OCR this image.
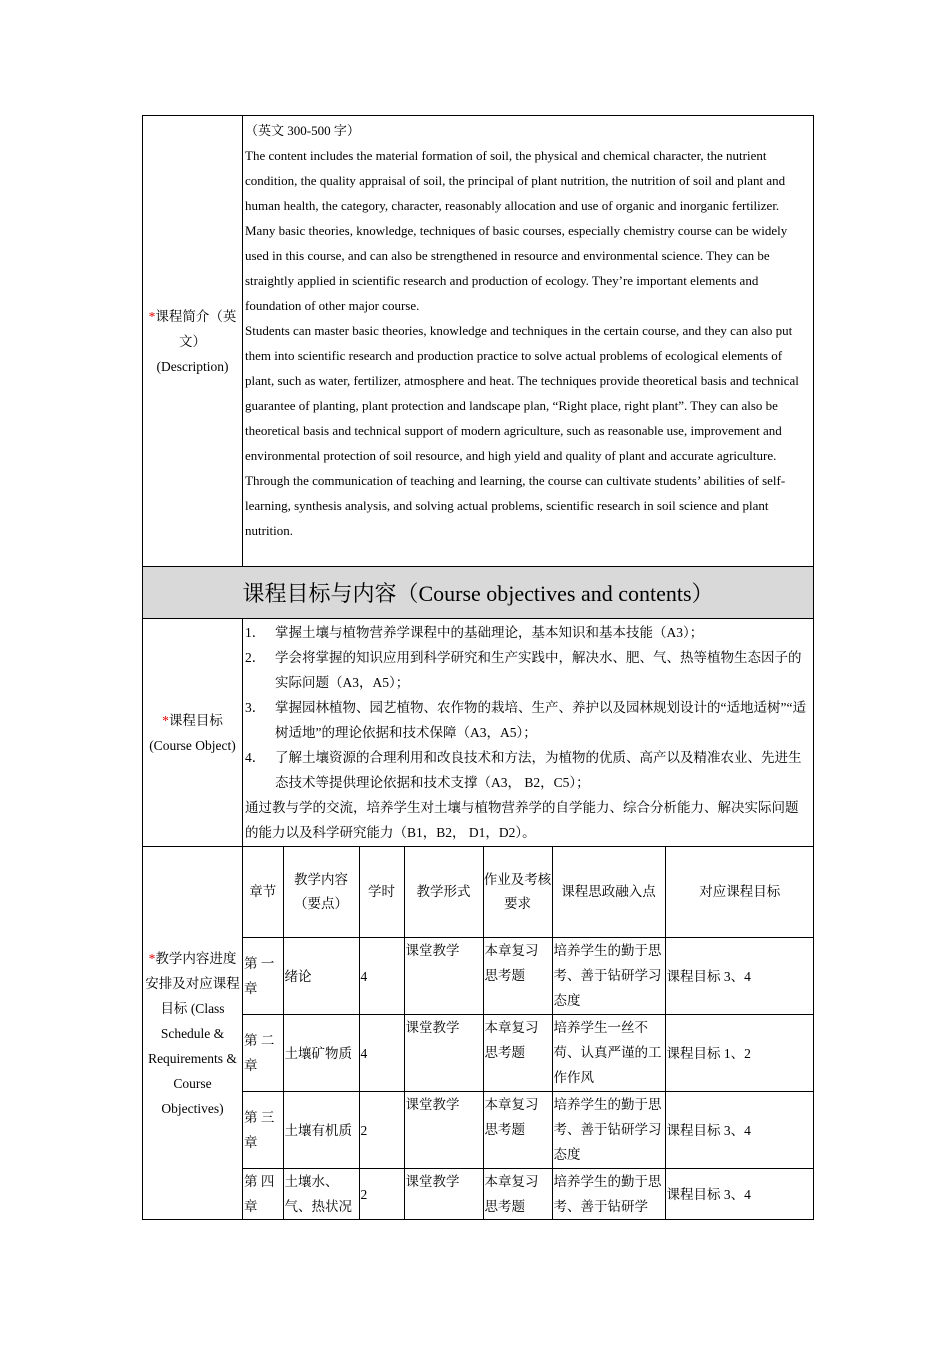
*课程简介（英文）
(Description)	

（英文 300-500 字）

The content includes the material formation of soil, the physical and chemical character, the nutrient condition, the quality appraisal of soil, the principal of plant nutrition, the nutrition of soil and plant and human health, the category, character, reasonably allocation and use of organic and inorganic fertilizer. Many basic theories, knowledge, techniques of basic courses, especially chemistry course can be widely used in this course, and can also be strengthened in resource and environmental science. They can be straightly applied in scientific research and production of ecology. They’re important elements and foundation of other major course.

Students can master basic theories, knowledge and techniques in the certain course, and they can also put them into scientific research and production practice to solve actual problems of ecological elements of plant, such as water, fertilizer, atmosphere and heat. The techniques provide theoretical basis and technical guarantee of planting, plant protection and landscape plan, “Right place, right plant”. They can also be theoretical basis and technical support of modern agriculture, such as reasonable use, improvement and environmental protection of soil resource, and high yield and quality of plant and accurate agriculture.

Through the communication of teaching and learning, the course can cultivate students’ abilities of self-learning, synthesis analysis, and solving actual problems, scientific research in soil science and plant nutrition.

课程目标与内容（Course objectives and contents）
*课程目标
(Course Object)	
1． 掌握土壤与植物营养学课程中的基础理论，基本知识和基本技能（A3）；
2． 学会将掌握的知识应用到科学研究和生产实践中，解决水、肥、气、热等植物生态因子的实际问题（A3，A5）；
3． 掌握园林植物、园艺植物、农作物的栽培、生产、养护以及园林规划设计的“适地适树”“适树适地”的理论依据和技术保障（A3，A5）；
4． 了解土壤资源的合理利用和改良技术和方法，为植物的优质、高产以及精准农业、先进生态技术等提供理论依据和技术支撑（A3， B2，C5）；
通过教与学的交流，培养学生对土壤与植物营养学的自学能力、综合分析能力、解决实际问题的能力以及科学研究能力（B1，B2， D1，D2）。

*教学内容进度安排及对应课程目标 (Class Schedule & Requirements & Course Objectives)	
章节	教学内容（要点）	学时	教学形式	作业及考核要求	课程思政融入点	对应课程目标
第 一 章	绪论	4	课堂教学	本章复习思考题	培养学生的勤于思考、善于钻研学习态度	课程目标 3、4
第 二 章	土壤矿物质	4	课堂教学	本章复习思考题	培养学生一丝不苟、认真严谨的工作作风	课程目标 1、2
第 三 章	土壤有机质	2	课堂教学	本章复习思考题	培养学生的勤于思考、善于钻研学习态度	课程目标 3、4
第 四 章	土壤水、气、热状况	2	课堂教学	本章复习思考题	培养学生的勤于思考、善于钻研学	课程目标 3、4
